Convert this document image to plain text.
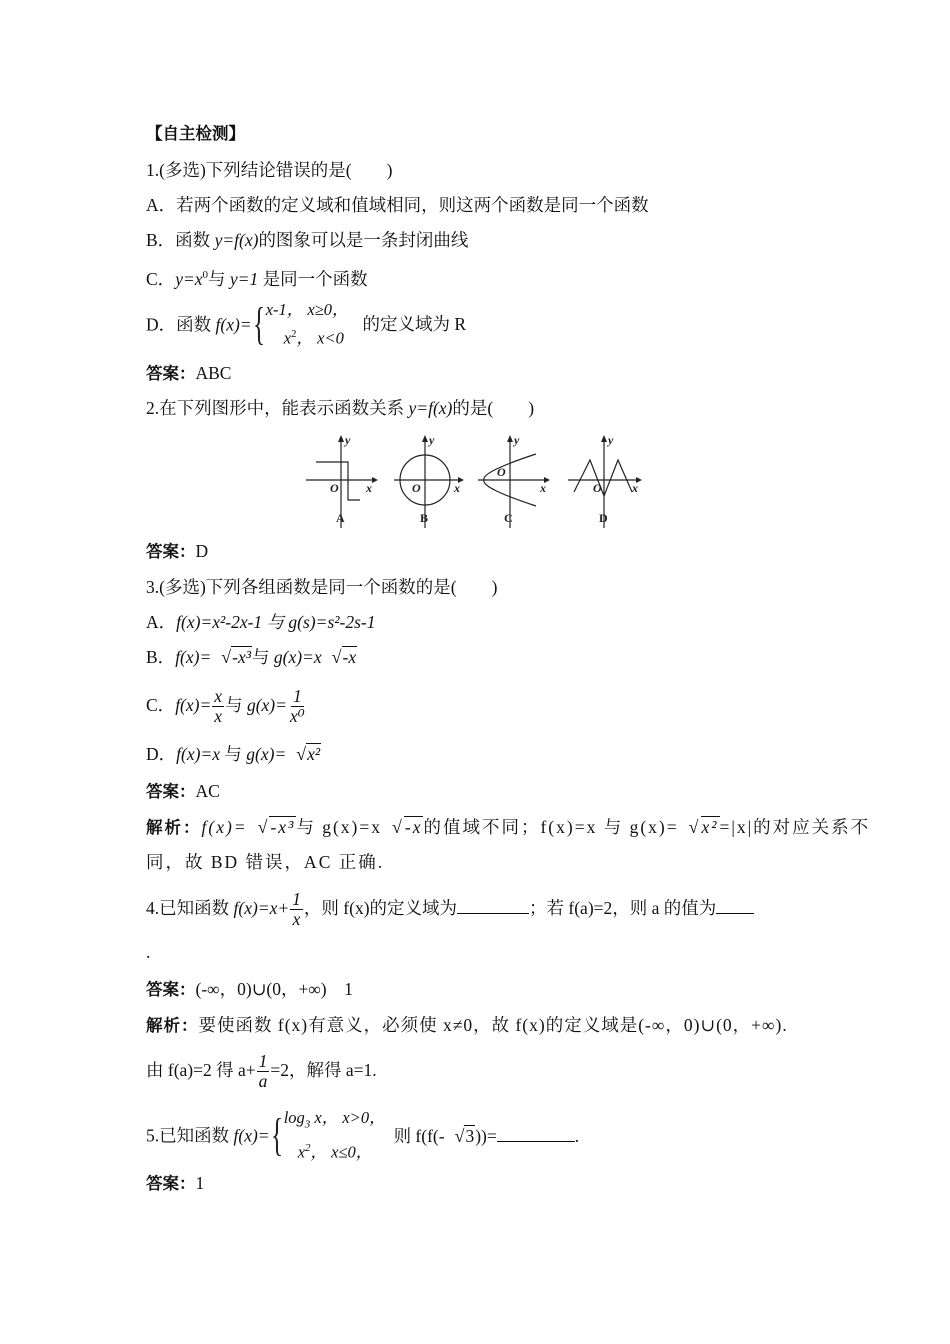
【自主检测】
1.(多选)下列结论错误的是(　　)
A．若两个函数的定义域和值域相同，则这两个函数是同一个函数
B．函数 y=f(x)的图象可以是一条封闭曲线
C．$y=x^0$与 y=1 是同一个函数
D．函数 f(x)={ x-1， x≥0，
$x^2$， x<0
的定义域为 R
答案：ABC
2.在下列图形中，能表示函数关系 y=f(x)的是(　　)
y
x
O
y
x
O
y
x
O
y
x
O
A	B	C	D
答案：D
3.(多选)下列各组函数是同一个函数的是(　　)
A．f(x)=x²-2x-1 与 g(s)=s²-2s-1
B．f(x)= √-x³与 g(x)=x √-x
C．$f(x)= \frac{x}{x}$ 与 $g(x)= \frac{1}{\text{x⁰}}$
D．f(x)=x 与 g(x)= √x²
答案：AC
解析：f(x)= √-x³与 g(x)=x √-x的值域不同；f(x)=x 与 g(x)= √x²=|x|的对应关系不
同，故 BD 错误，AC 正确.
4.已知函数 $f(x)=x+ \frac{1}{x}$ ，则 f(x)的定义域为	；若 f(a)=2，则 a 的值为
.
答案：(-∞，0)∪(0，+∞)　1
解析：要使函数 f(x)有意义，必须使 x≠0，故 f(x)的定义域是(-∞，0)∪(0，+∞).
由 f(a)=2 得 $a+ \frac{1}{a} =2$，解得 a=1.
5.已知函数 f(x)={ $\log_3 x$， x>0，
$x^2$， x≤0，
则 f(f(- √3))=	.
答案：1
